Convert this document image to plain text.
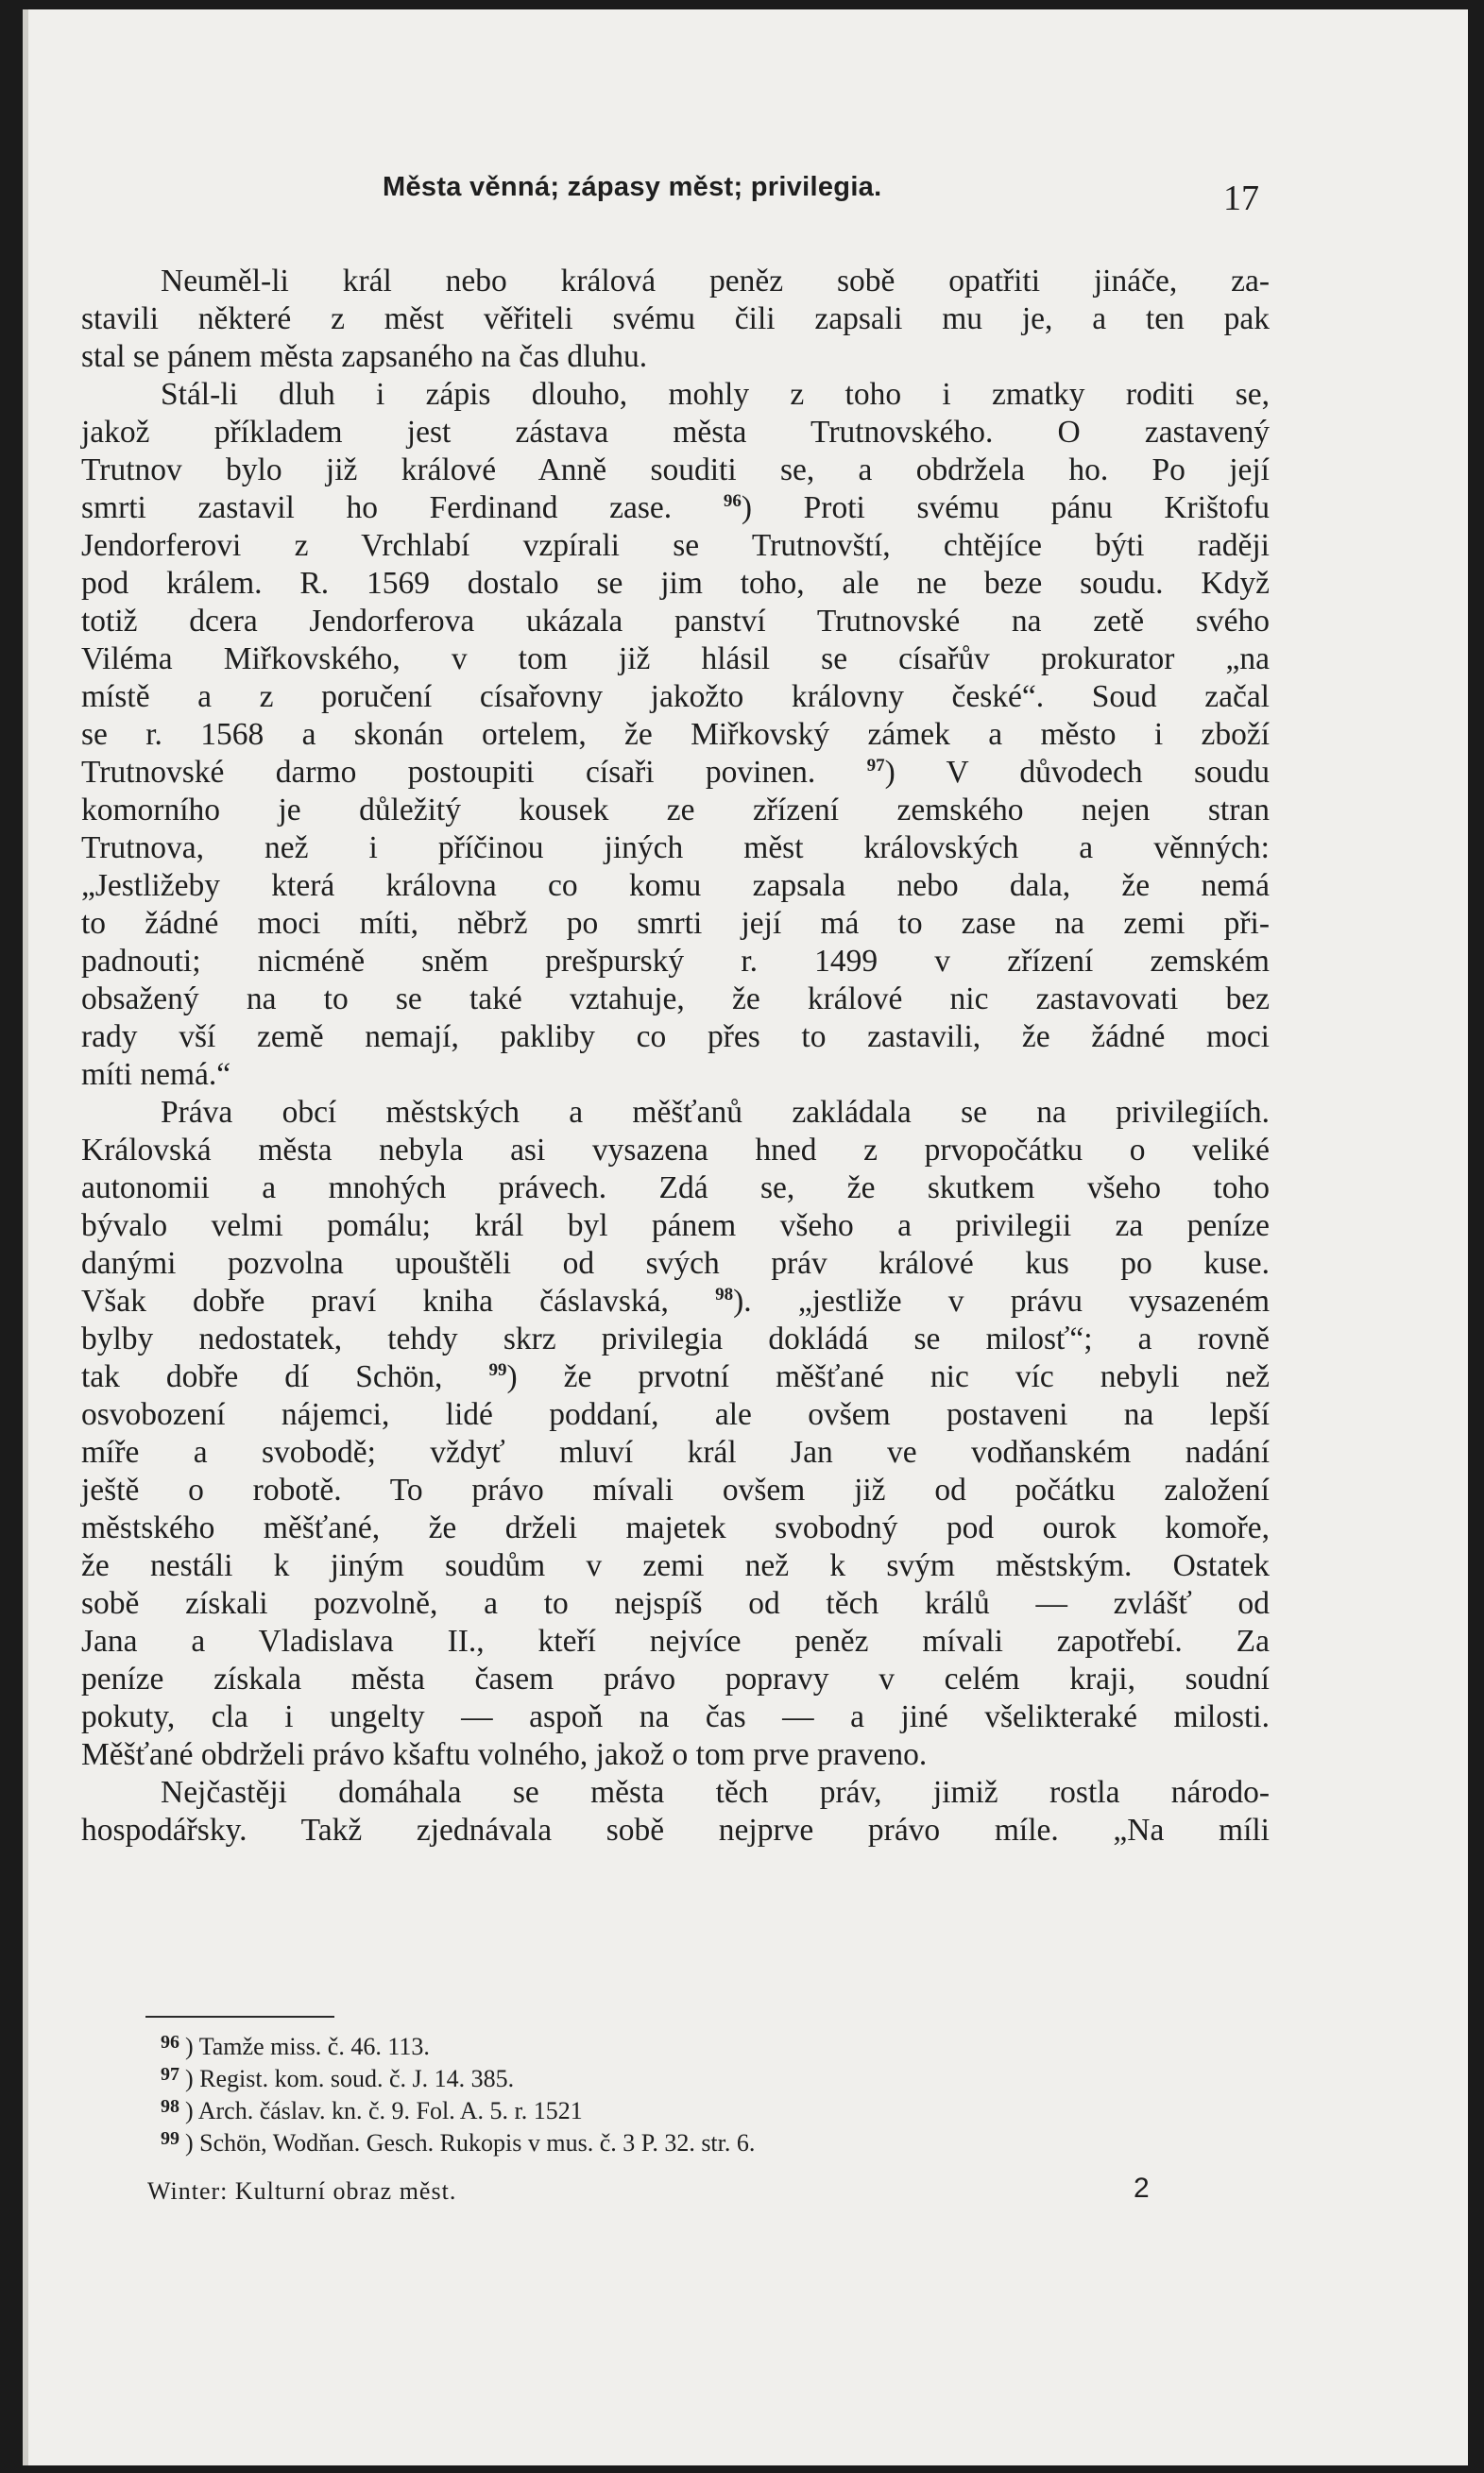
Města věnná; zápasy měst; privilegia.	17
Neuměl-li král nebo králová peněz sobě opatřiti jináče, za-
stavili některé z měst věřiteli svému čili zapsali mu je, a ten pak
stal se pánem města zapsaného na čas dluhu.
Stál-li dluh i zápis dlouho, mohly z toho i zmatky roditi se,
jakož příkladem jest zástava města Trutnovského. O zastavený
Trutnov bylo již králové Anně souditi se, a obdržela ho. Po její
smrti zastavil ho Ferdinand zase.	$^{96}$) Proti svému pánu Krištofu
Jendorferovi z Vrchlabí vzpírali se Trutnovští, chtějíce býti raději
pod králem. R. 1569 dostalo se jim toho, ale ne beze soudu. Když
totiž dcera Jendorferova ukázala panství Trutnovské na zetě svého
Viléma Miřkovského, v tom již hlásil se císařův prokurator „na
místě a z poručení císařovny jakožto královny české“. Soud začal
se r. 1568 a skonán ortelem, že Miřkovský zámek a město i zboží
Trutnovské darmo postoupiti císaři povinen.	$^{97}$) V důvodech soudu
komorního je důležitý kousek ze zřízení zemského nejen stran
Trutnova, než i příčinou jiných měst královských a věnných:
„Jestližeby která královna co komu zapsala nebo dala, že nemá
to žádné moci míti, něbrž po smrti její má to zase na zemi při-
padnouti; nicméně sněm prešpurský r. 1499 v zřízení zemském
obsažený na to se také vztahuje, že králové nic zastavovati bez
rady vší země nemají, pakliby co přes to zastavili, že žádné moci
míti nemá.“
Práva obcí městských a měšťanů zakládala se na privilegiích.
Královská města nebyla asi vysazena hned z prvopočátku o veliké
autonomii a mnohých právech. Zdá se, že skutkem všeho toho
bývalo velmi pomálu; král byl pánem všeho a privilegii za peníze
danými pozvolna upouštěli od svých práv králové kus po kuse.
Však dobře praví kniha čáslavská,	$^{98}$). „jestliže v právu vysazeném
bylby nedostatek, tehdy skrz privilegia dokládá se milosť“; a rovně
tak dobře dí Schön,	$^{99}$) že prvotní měšťané nic víc nebyli než
osvobození nájemci, lidé poddaní, ale ovšem postaveni na lepší
míře a svobodě; vždyť mluví král Jan ve vodňanském nadání
ještě o robotě. To právo mívali ovšem již od počátku založení
městského měšťané, že drželi majetek svobodný pod ourok komoře,
že nestáli k jiným soudům v zemi než k svým městským. Ostatek
sobě získali pozvolně, a to nejspíš od těch králů — zvlášť od
Jana a Vladislava II., kteří nejvíce peněz mívali zapotřebí. Za
peníze získala města časem právo popravy v celém kraji, soudní
pokuty, cla i ungelty — aspoň na čas — a jiné všelikteraké milosti.
Měšťané obdrželi právo kšaftu volného, jakož o tom prve praveno.
Nejčastěji domáhala se města těch práv, jimiž rostla národo-
hospodářsky. Takž zjednávala sobě nejprve právo míle. „Na míli
$^{96}$ ) Tamže miss. č. 46. 113.
$^{97}$ ) Regist. kom. soud. č. J. 14. 385.
$^{98}$ ) Arch. čáslav. kn. č. 9. Fol. A. 5. r. 1521
$^{99}$ ) Schön, Wodňan. Gesch. Rukopis v mus. č. 3 P. 32. str. 6.
Winter: Kulturní obraz měst.	2
